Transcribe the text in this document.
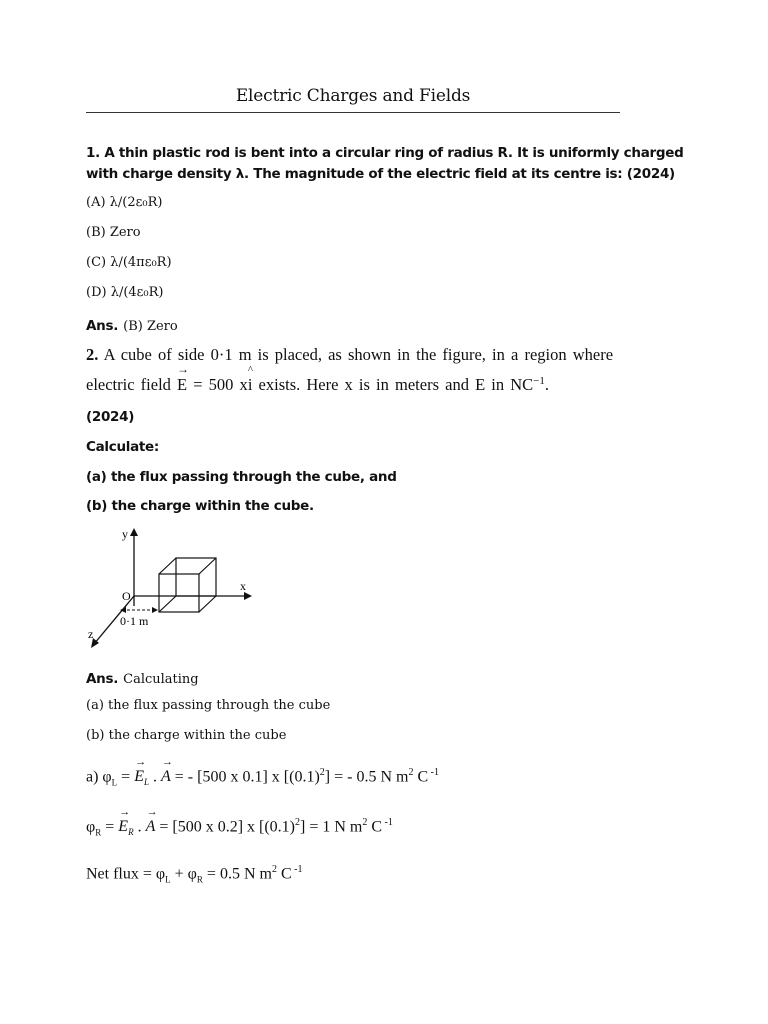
Electric Charges and Fields
1. A thin plastic rod is bent into a circular ring of radius R. It is uniformly charged
with charge density λ. The magnitude of the electric field at its centre is: (2024)
(A) λ/(2ε₀R)
(B) Zero
(C) λ/(4πε₀R)
(D) λ/(4ε₀R)
Ans. (B) Zero
2. A cube of side 0·1 m is placed, as shown in the figure, in a region where
electric field
→
E = 500 x
^
i exists. Here x is in meters and E in $NC^{-1}$.
(2024)
Calculate:
(a) the flux passing through the cube, and
(b) the charge within the cube.
y
x
z
O
0·1 m
Ans. Calculating
(a) the flux passing through the cube
(b) the charge within the cube
a) $\varphi_L$ =
→
$E_L$ .
→
A = - [500 x 0.1] x $[(0.1)^2]$ = - 0.5 N $m^2$ C $^{-1}$
$\varphi_R$ =
→
$E_R$ .
→
A = [500 x 0.2] x $[(0.1)^2] = 1$ N $m^2$ C $^{-1}$
Net flux = $\varphi_L + \varphi_R = 0.5$ N $m^2$ C $^{-1}$
